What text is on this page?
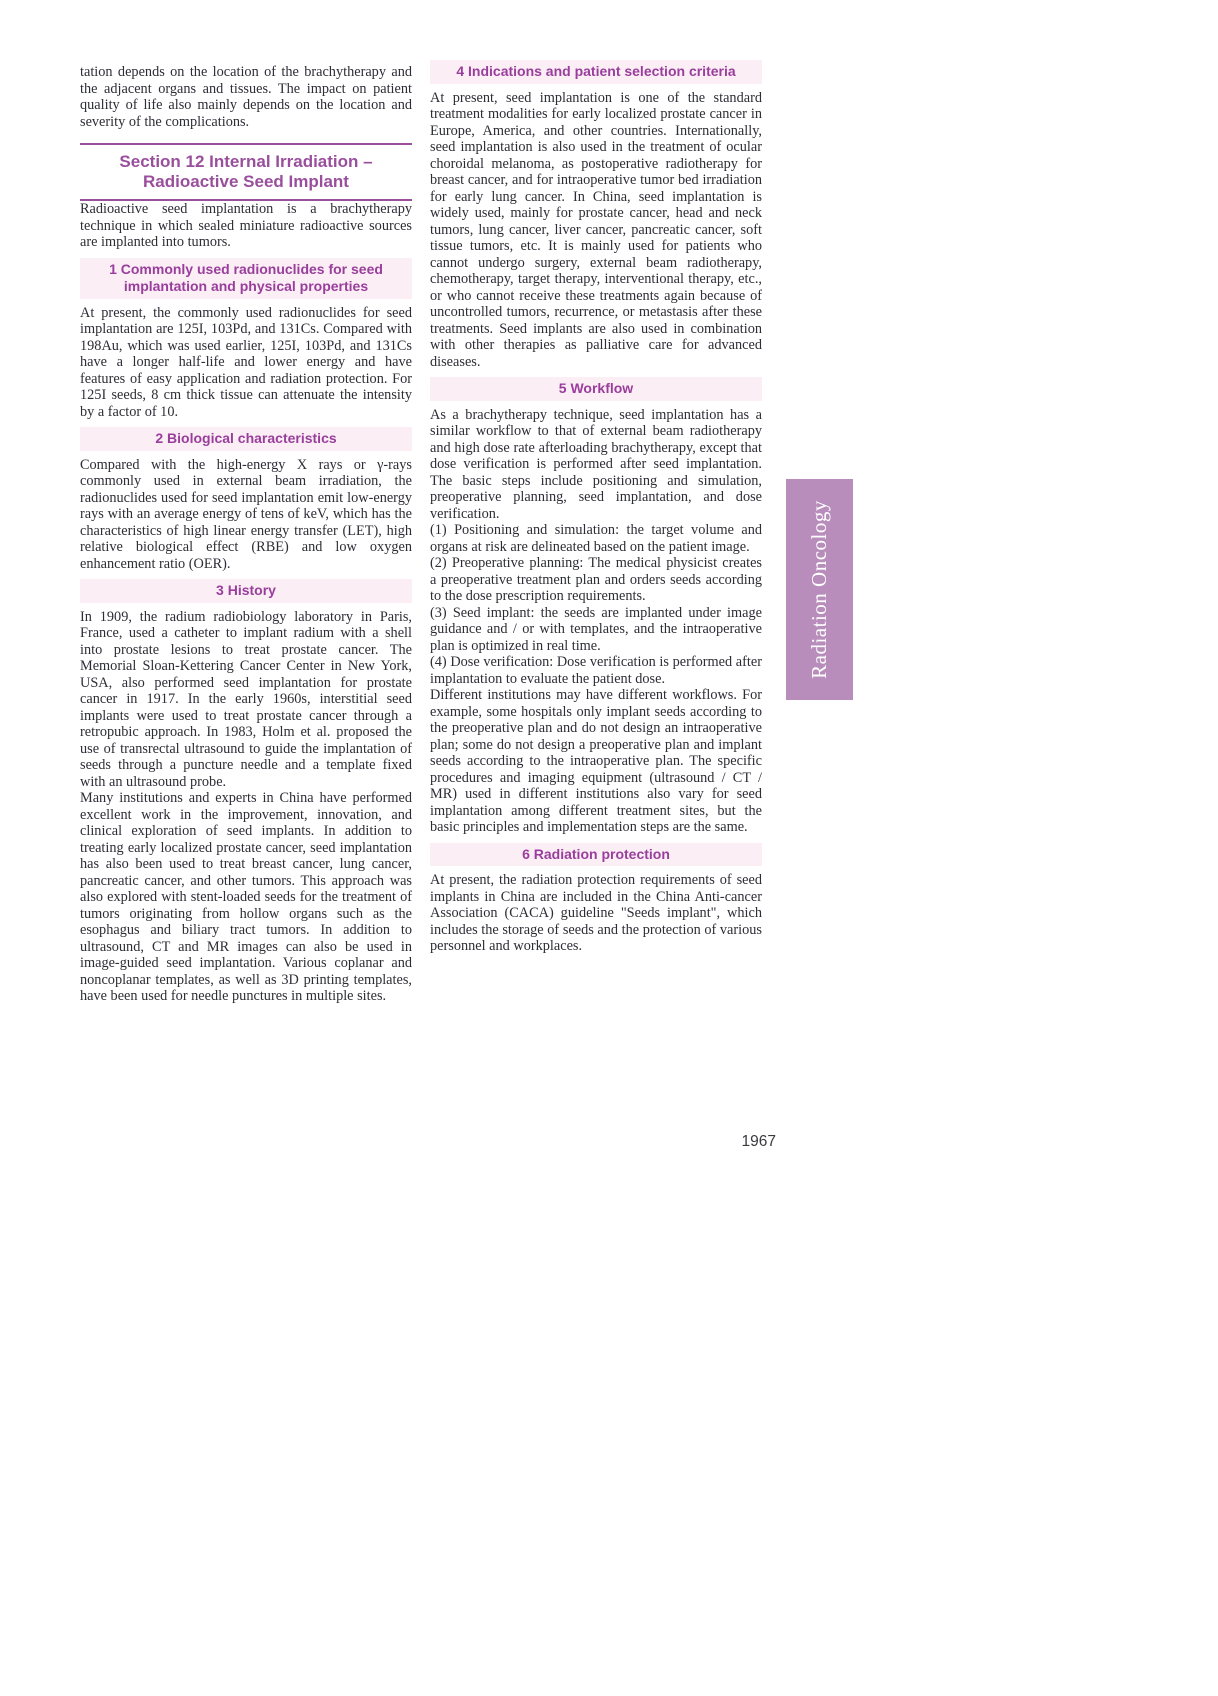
tation depends on the location of the brachytherapy and the adjacent organs and tissues. The impact on patient quality of life also mainly depends on the location and severity of the complications.

Section 12 Internal Irradiation –
Radioactive Seed Implant

Radioactive seed implantation is a brachytherapy technique in which sealed miniature radioactive sources are implanted into tumors.

1 Commonly used radionuclides for seed implantation and physical properties

At present, the commonly used radionuclides for seed implantation are 125I, 103Pd, and 131Cs. Compared with 198Au, which was used earlier, 125I, 103Pd, and 131Cs have a longer half-life and lower energy and have features of easy application and radiation protection. For 125I seeds, 8 cm thick tissue can attenuate the intensity by a factor of 10.

2 Biological characteristics

Compared with the high-energy X rays or γ-rays commonly used in external beam irradiation, the radionuclides used for seed implantation emit low-energy rays with an average energy of tens of keV, which has the characteristics of high linear energy transfer (LET), high relative biological effect (RBE) and low oxygen enhancement ratio (OER).

3 History

In 1909, the radium radiobiology laboratory in Paris, France, used a catheter to implant radium with a shell into prostate lesions to treat prostate cancer. The Memorial Sloan-Kettering Cancer Center in New York, USA, also performed seed implantation for prostate cancer in 1917. In the early 1960s, interstitial seed implants were used to treat prostate cancer through a retropubic approach. In 1983, Holm et al. proposed the use of transrectal ultrasound to guide the implantation of seeds through a puncture needle and a template fixed with an ultrasound probe.

Many institutions and experts in China have performed excellent work in the improvement, innovation, and clinical exploration of seed implants. In addition to treating early localized prostate cancer, seed implantation has also been used to treat breast cancer, lung cancer, pancreatic cancer, and other tumors. This approach was also explored with stent-loaded seeds for the treatment of tumors originating from hollow organs such as the esophagus and biliary tract tumors. In addition to ultrasound, CT and MR images can also be used in image-guided seed implantation. Various coplanar and noncoplanar templates, as well as 3D printing templates, have been used for needle punctures in multiple sites.

4 Indications and patient selection criteria

At present, seed implantation is one of the standard treatment modalities for early localized prostate cancer in Europe, America, and other countries. Internationally, seed implantation is also used in the treatment of ocular choroidal melanoma, as postoperative radiotherapy for breast cancer, and for intraoperative tumor bed irradiation for early lung cancer. In China, seed implantation is widely used, mainly for prostate cancer, head and neck tumors, lung cancer, liver cancer, pancreatic cancer, soft tissue tumors, etc. It is mainly used for patients who cannot undergo surgery, external beam radiotherapy, chemotherapy, target therapy, interventional therapy, etc., or who cannot receive these treatments again because of uncontrolled tumors, recurrence, or metastasis after these treatments. Seed implants are also used in combination with other therapies as palliative care for advanced diseases.

5 Workflow

As a brachytherapy technique, seed implantation has a similar workflow to that of external beam radiotherapy and high dose rate afterloading brachytherapy, except that dose verification is performed after seed implantation. The basic steps include positioning and simulation, preoperative planning, seed implantation, and dose verification.

(1) Positioning and simulation: the target volume and organs at risk are delineated based on the patient image.

(2) Preoperative planning: The medical physicist creates a preoperative treatment plan and orders seeds according to the dose prescription requirements.

(3) Seed implant: the seeds are implanted under image guidance and / or with templates, and the intraoperative plan is optimized in real time.

(4) Dose verification: Dose verification is performed after implantation to evaluate the patient dose.

Different institutions may have different workflows. For example, some hospitals only implant seeds according to the preoperative plan and do not design an intraoperative plan; some do not design a preoperative plan and implant seeds according to the intraoperative plan. The specific procedures and imaging equipment (ultrasound / CT / MR) used in different institutions also vary for seed implantation among different treatment sites, but the basic principles and implementation steps are the same.

6 Radiation protection

At present, the radiation protection requirements of seed implants in China are included in the China Anti-cancer Association (CACA) guideline "Seeds implant", which includes the storage of seeds and the protection of various personnel and workplaces.

Radiation Oncology
1967
